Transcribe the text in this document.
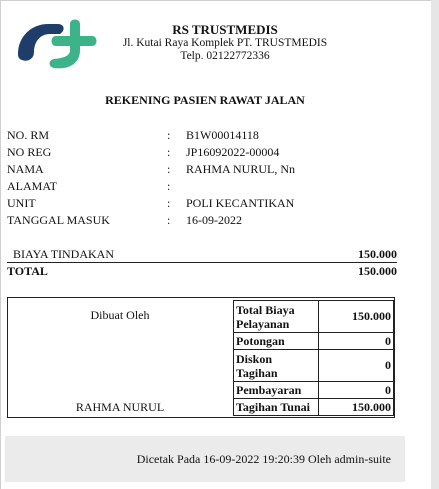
RS TRUSTMEDIS
Jl. Kutai Raya Komplek PT. TRUSTMEDIS
Telp. 02122772336
REKENING PASIEN RAWAT JALAN
NO. RM	: B1W00014118
NO REG	: JP16092022-00004
NAMA	: RAHMA NURUL, Nn
ALAMAT	:
UNIT	: POLI KECANTIKAN
TANGGAL MASUK	: 16-09-2022
BIAYA TINDAKAN	150.000
TOTAL	150.000
Dibuat Oleh
RAHMA NURUL
Total Biaya Pelayanan	150.000
Potongan	0
Diskon Tagihan	0
Pembayaran	0
Tagihan Tunai	150.000
Dicetak Pada 16-09-2022 19:20:39 Oleh admin-suite
